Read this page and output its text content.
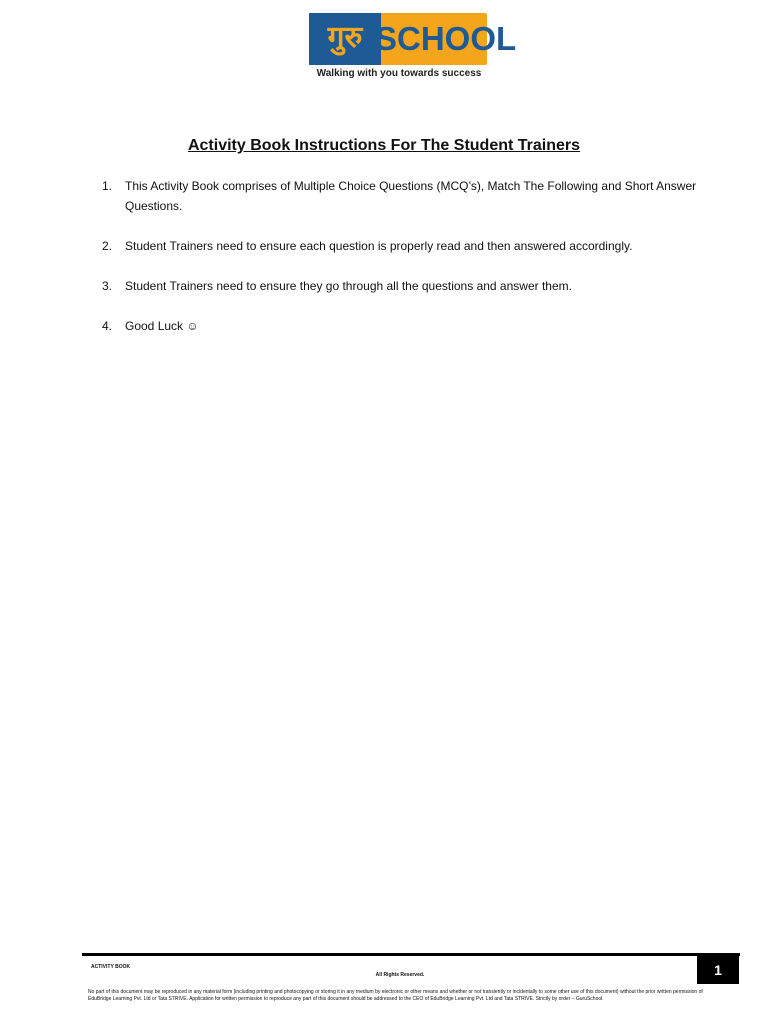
गुरु SCHOOL
Walking with you towards success
Activity Book Instructions For The Student Trainers
1. This Activity Book comprises of Multiple Choice Questions (MCQ’s), Match The Following and Short Answer Questions.
2. Student Trainers need to ensure each question is properly read and then answered accordingly.
3. Student Trainers need to ensure they go through all the questions and answer them.
4. Good Luck ☺
ACTIVITY BOOK
All Rights Reserved.
No part of this document may be reproduced in any material form (including printing and photocopying or storing it in any medium by electronic or other means and whether or not transiently or incidentally to some other use of this document) without the prior written permission of EduBridge Learning Pvt. Ltd or Tata STRIVE. Application for written permission to reproduce any part of this document should be addressed to the CEO of EduBridge Learning Pvt. Ltd and Tata STRIVE. Strictly by order – GuruSchool.
1
